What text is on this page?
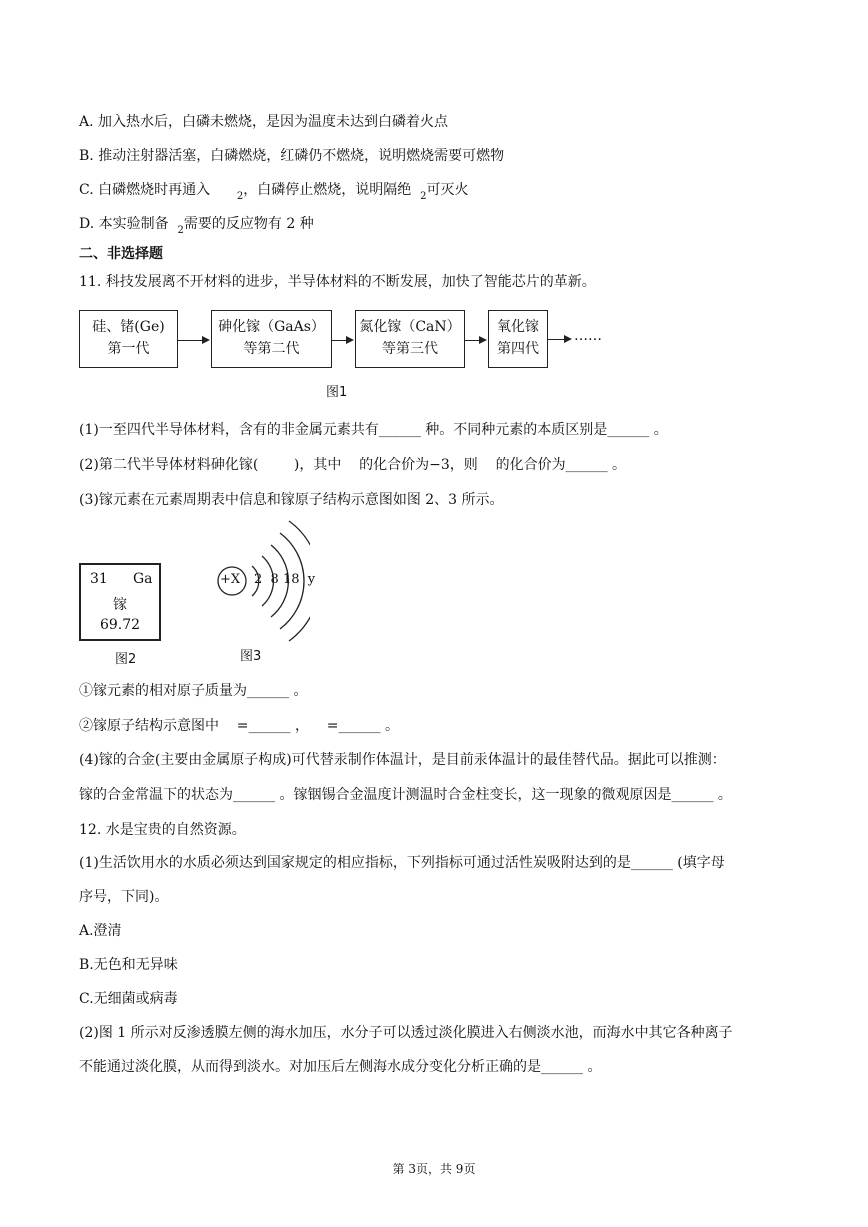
A. 加入热水后，白磷未燃烧，是因为温度未达到白磷着火点
B. 推动注射器活塞，白磷燃烧，红磷仍不燃烧，说明燃烧需要可燃物
C. 白磷燃烧时再通入	$_2$，白磷停止燃烧，说明隔绝 $_2$可灭火
D. 本实验制备 $_2$需要的反应物有 2 种
二、非选择题
11. 科技发展离不开材料的进步，半导体材料的不断发展，加快了智能芯片的革新。
硅、锗(Ge)
第一代
砷化镓（GaAs）
等第二代
氮化镓（CaN）
等第三代
氧化镓
第四代
……
图1
(1)一至四代半导体材料，含有的非金属元素共有______ 种。不同种元素的本质区别是______ 。
(2)第二代半导体材料砷化镓(        )，其中    的化合价为−3，则    的化合价为______ 。
(3)镓元素在元素周期表中信息和镓原子结构示意图如图 2、3 所示。
31 Ga
镓
69.72
图2
+X 2  8 18  y
图3
①镓元素的相对原子质量为______ 。
②镓原子结构示意图中    =______ ，    =______ 。
(4)镓的合金(主要由金属原子构成)可代替汞制作体温计，是目前汞体温计的最佳替代品。据此可以推测：
镓的合金常温下的状态为______ 。镓铟锡合金温度计测温时合金柱变长，这一现象的微观原因是______ 。
12. 水是宝贵的自然资源。
(1)生活饮用水的水质必须达到国家规定的相应指标，下列指标可通过活性炭吸附达到的是______ (填字母
序号，下同)。
A.澄清
B.无色和无异味
C.无细菌或病毒
(2)图 1 所示对反渗透膜左侧的海水加压，水分子可以透过淡化膜进入右侧淡水池，而海水中其它各种离子
不能通过淡化膜，从而得到淡水。对加压后左侧海水成分变化分析正确的是______ 。
第 3页，共 9页
